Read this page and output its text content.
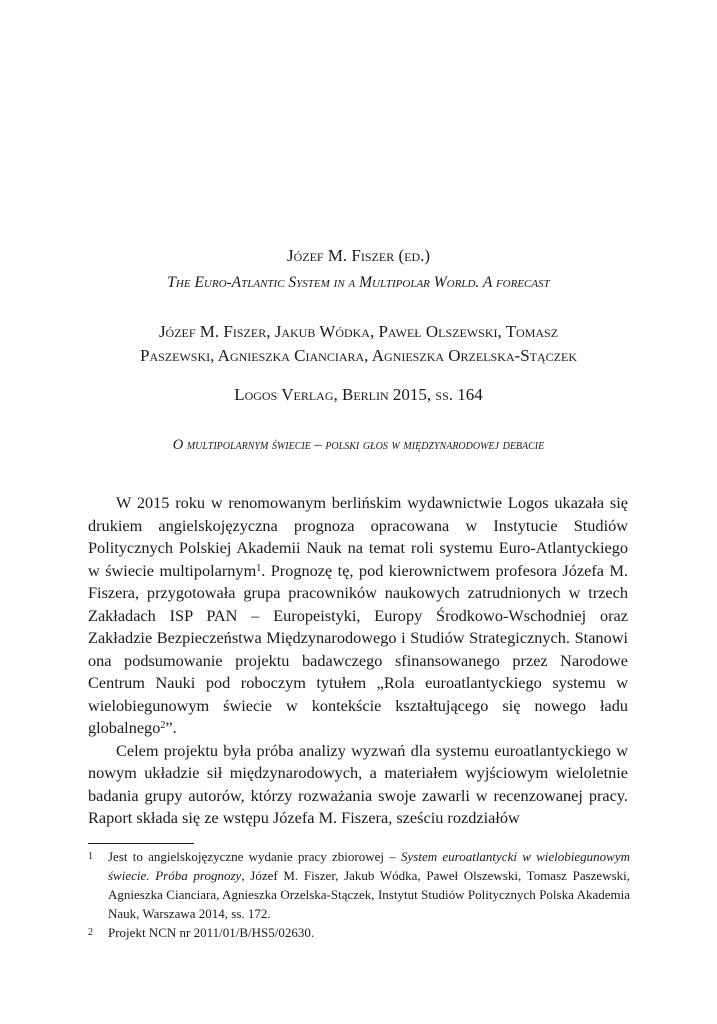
Józef M. Fiszer (ed.)
The Euro-Atlantic System in a Multipolar World. A forecast
Józef M. Fiszer, Jakub Wódka, Paweł Olszewski, Tomasz
Paszewski, Agnieszka Cianciara, Agnieszka Orzelska-Stączek
Logos Verlag, Berlin 2015, ss. 164
O multipolarnym świecie – polski głos w międzynarodowej debacie

W 2015 roku w renomowanym berlińskim wydawnictwie Logos ukazała się drukiem angielskojęzyczna prognoza opracowana w Instytucie Studiów Politycznych Polskiej Akademii Nauk na temat roli systemu Euro-Atlantyckiego w świecie multipolarnym$^1$. Prognozę tę, pod kierownictwem profesora Józefa M. Fiszera, przygotowała grupa pracowników naukowych zatrudnionych w trzech Zakładach ISP PAN – Europeistyki, Europy Środkowo-Wschodniej oraz Zakładzie Bezpieczeństwa Międzynarodowego i Studiów Strategicznych. Stanowi ona podsumowanie projektu badawczego sfinansowanego przez Narodowe Centrum Nauki pod roboczym tytułem „Rola euroatlantyckiego systemu w wielobiegunowym świecie w kontekście kształtującego się nowego ładu globalnego$^2$”.

Celem projektu była próba analizy wyzwań dla systemu euroatlantyckiego w nowym układzie sił międzynarodowych, a materiałem wyjściowym wieloletnie badania grupy autorów, którzy rozważania swoje zawarli w recenzowanej pracy. Raport składa się ze wstępu Józefa M. Fiszera, sześciu rozdziałów

1 Jest to angielskojęzyczne wydanie pracy zbiorowej – System euroatlantycki w wielobiegunowym świecie. Próba prognozy, Józef M. Fiszer, Jakub Wódka, Paweł Olszewski, Tomasz Paszewski, Agnieszka Cianciara, Agnieszka Orzelska-Stączek, Instytut Studiów Politycznych Polska Akademia Nauk, Warszawa 2014, ss. 172.
2 Projekt NCN nr 2011/01/B/HS5/02630.
